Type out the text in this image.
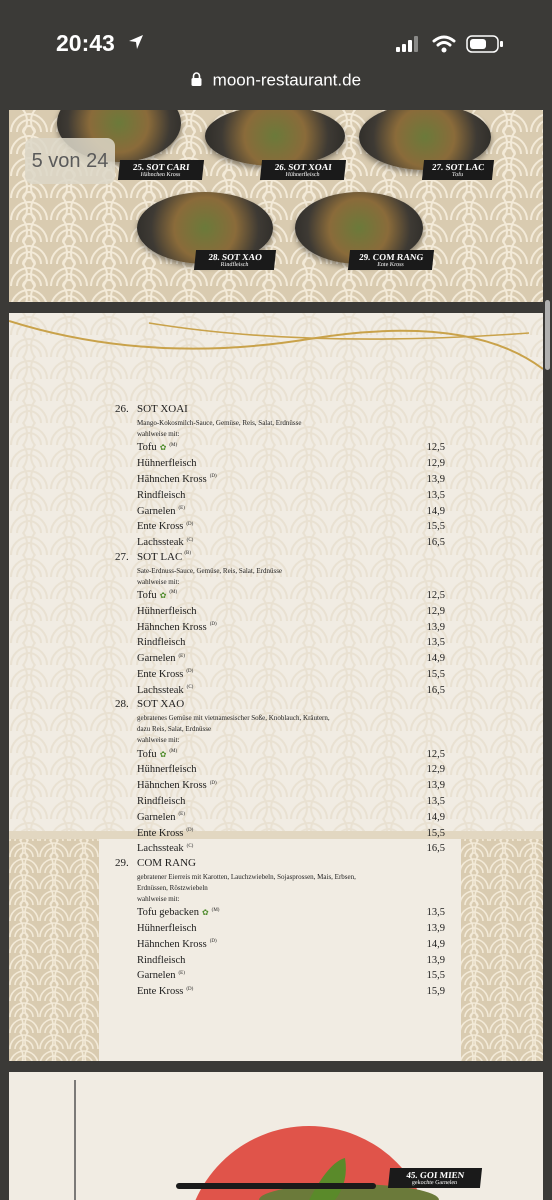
20:43
moon-restaurant.de
25. SOT CARI
Hähnchen Kross
26. SOT XOAI
Hühnerfleisch
27. SOT LAC
Tofu
28. SOT XAO
Rindfleisch
29. COM RANG
Ente Kross
5 von 24
26. SOT XOAI
Mango-Kokosmilch-Sauce, Gemüse, Reis, Salat, Erdnüsse
wahlweise mit:
Tofu ✿ $^{(M)}$	12,5
Hühnerfleisch	12,9
Hähnchen Kross $^{(D)}$	13,9
Rindfleisch	13,5
Garnelen $^{(E)}$	14,9
Ente Kross $^{(D)}$	15,5
Lachssteak $^{(C)}$	16,5
27. SOT LAC (B)
Sate-Erdnuss-Sauce, Gemüse, Reis, Salat, Erdnüsse
wahlweise mit:
Tofu ✿ $^{(M)}$	12,5
Hühnerfleisch	12,9
Hähnchen Kross $^{(D)}$	13,9
Rindfleisch	13,5
Garnelen $^{(E)}$	14,9
Ente Kross $^{(D)}$	15,5
Lachssteak $^{(C)}$	16,5
28. SOT XAO
gebratenes Gemüse mit vietnamesischer Soße, Knoblauch, Kräutern,
dazu Reis, Salat, Erdnüsse
wahlweise mit:
Tofu ✿ $^{(M)}$	12,5
Hühnerfleisch	12,9
Hähnchen Kross $^{(D)}$	13,9
Rindfleisch	13,5
Garnelen $^{(E)}$	14,9
Ente Kross $^{(D)}$	15,5
Lachssteak $^{(C)}$	16,5
29. COM RANG
gebratener Eierreis mit Karotten, Lauchzwiebeln, Sojasprossen, Mais, Erbsen,
Erdnüssen, Röstzwiebeln
wahlweise mit:
Tofu gebacken ✿ $^{(M)}$	13,5
Hühnerfleisch	13,9
Hähnchen Kross $^{(D)}$	14,9
Rindfleisch	13,9
Garnelen $^{(E)}$	15,5
Ente Kross $^{(D)}$	15,9
45. GOI MIEN
gekochte Garnelen
